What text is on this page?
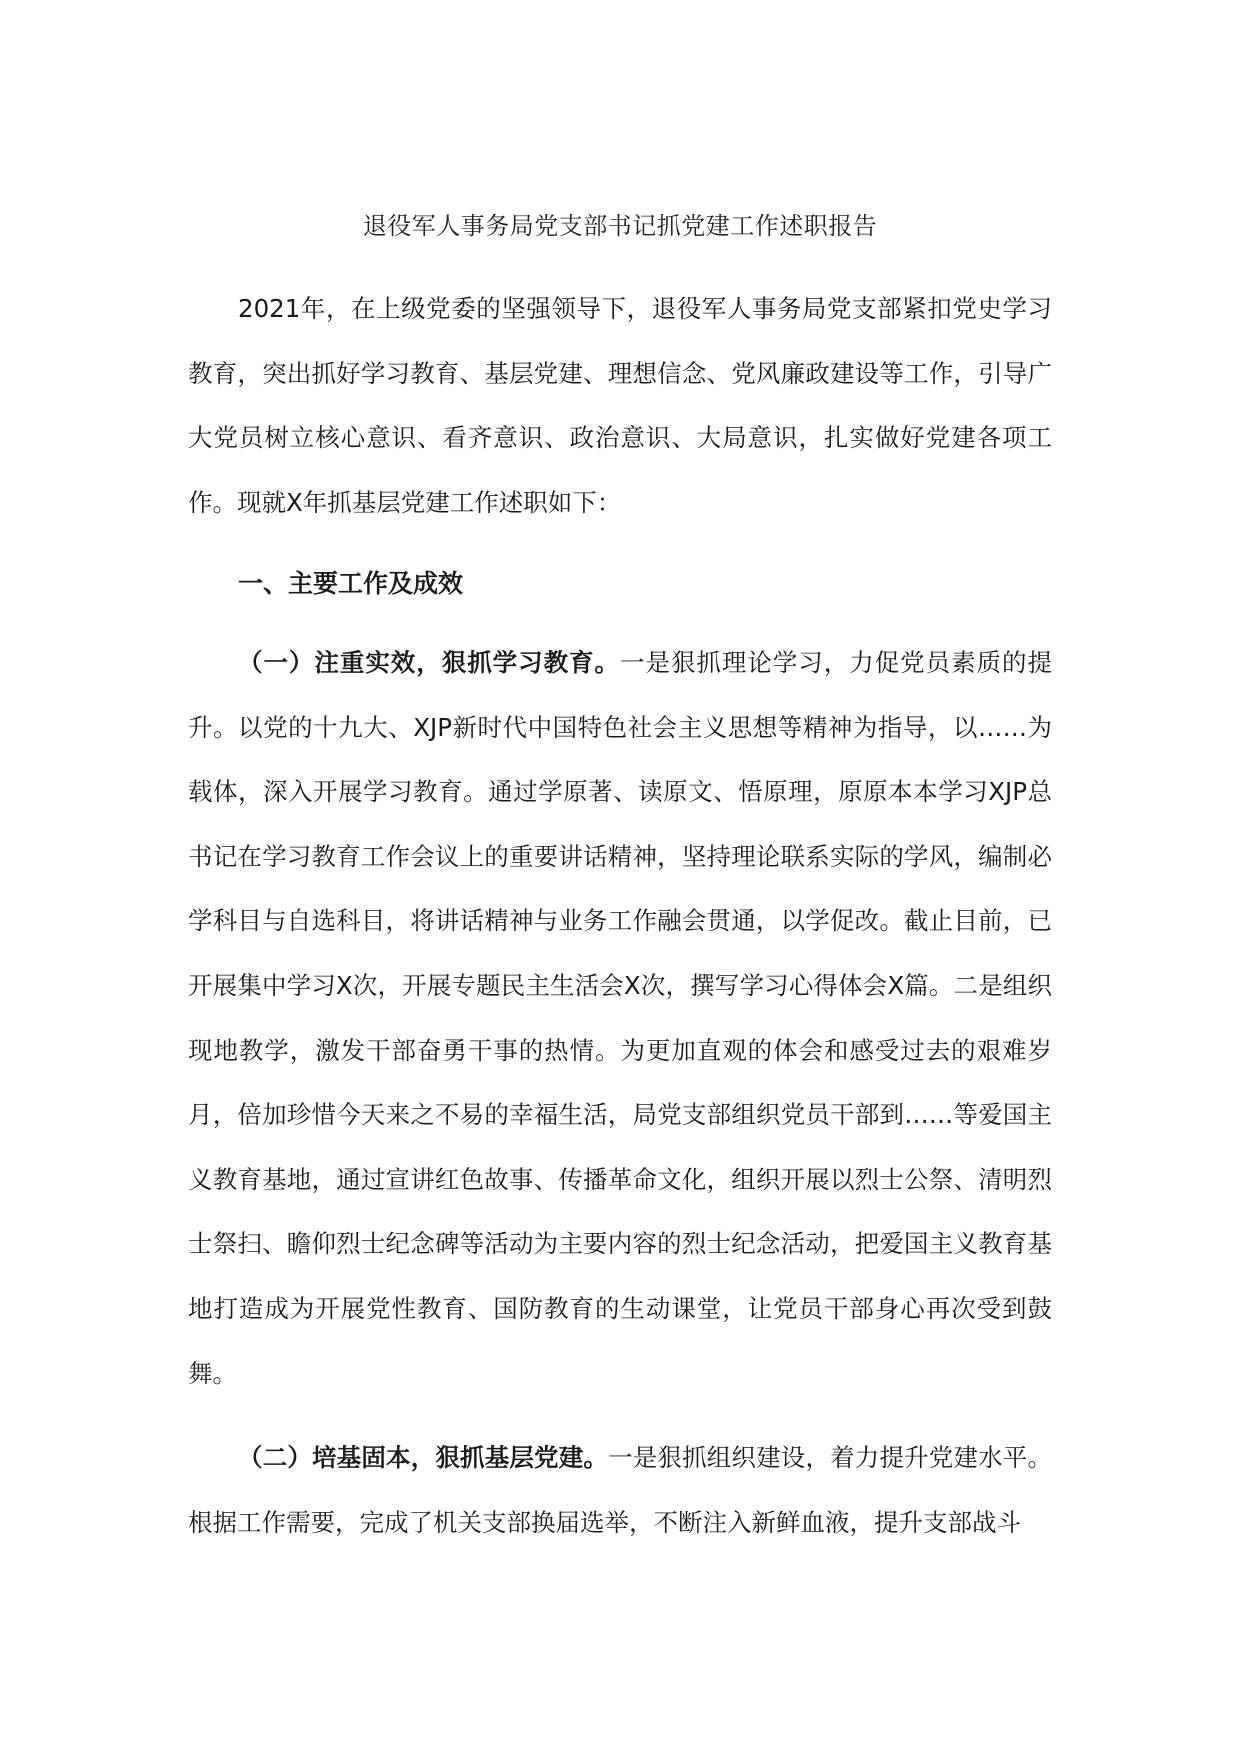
退役军人事务局党支部书记抓党建工作述职报告
2021年，在上级党委的坚强领导下，退役军人事务局党支部紧扣党史学习教育，突出抓好学习教育、基层党建、理想信念、党风廉政建设等工作，引导广大党员树立核心意识、看齐意识、政治意识、大局意识，扎实做好党建各项工作。现就X年抓基层党建工作述职如下：
一、主要工作及成效
（一）注重实效，狠抓学习教育。一是狠抓理论学习，力促党员素质的提升。以党的十九大、XJP新时代中国特色社会主义思想等精神为指导，以……为载体，深入开展学习教育。通过学原著、读原文、悟原理，原原本本学习XJP总书记在学习教育工作会议上的重要讲话精神，坚持理论联系实际的学风，编制必学科目与自选科目，将讲话精神与业务工作融会贯通，以学促改。截止目前，已开展集中学习X次，开展专题民主生活会X次，撰写学习心得体会X篇。二是组织现地教学，激发干部奋勇干事的热情。为更加直观的体会和感受过去的艰难岁月，倍加珍惜今天来之不易的幸福生活，局党支部组织党员干部到……等爱国主义教育基地，通过宣讲红色故事、传播革命文化，组织开展以烈士公祭、清明烈士祭扫、瞻仰烈士纪念碑等活动为主要内容的烈士纪念活动，把爱国主义教育基地打造成为开展党性教育、国防教育的生动课堂，让党员干部身心再次受到鼓舞。
（二）培基固本，狠抓基层党建。一是狠抓组织建设，着力提升党建水平。根据工作需要，完成了机关支部换届选举，不断注入新鲜血液，提升支部战斗
